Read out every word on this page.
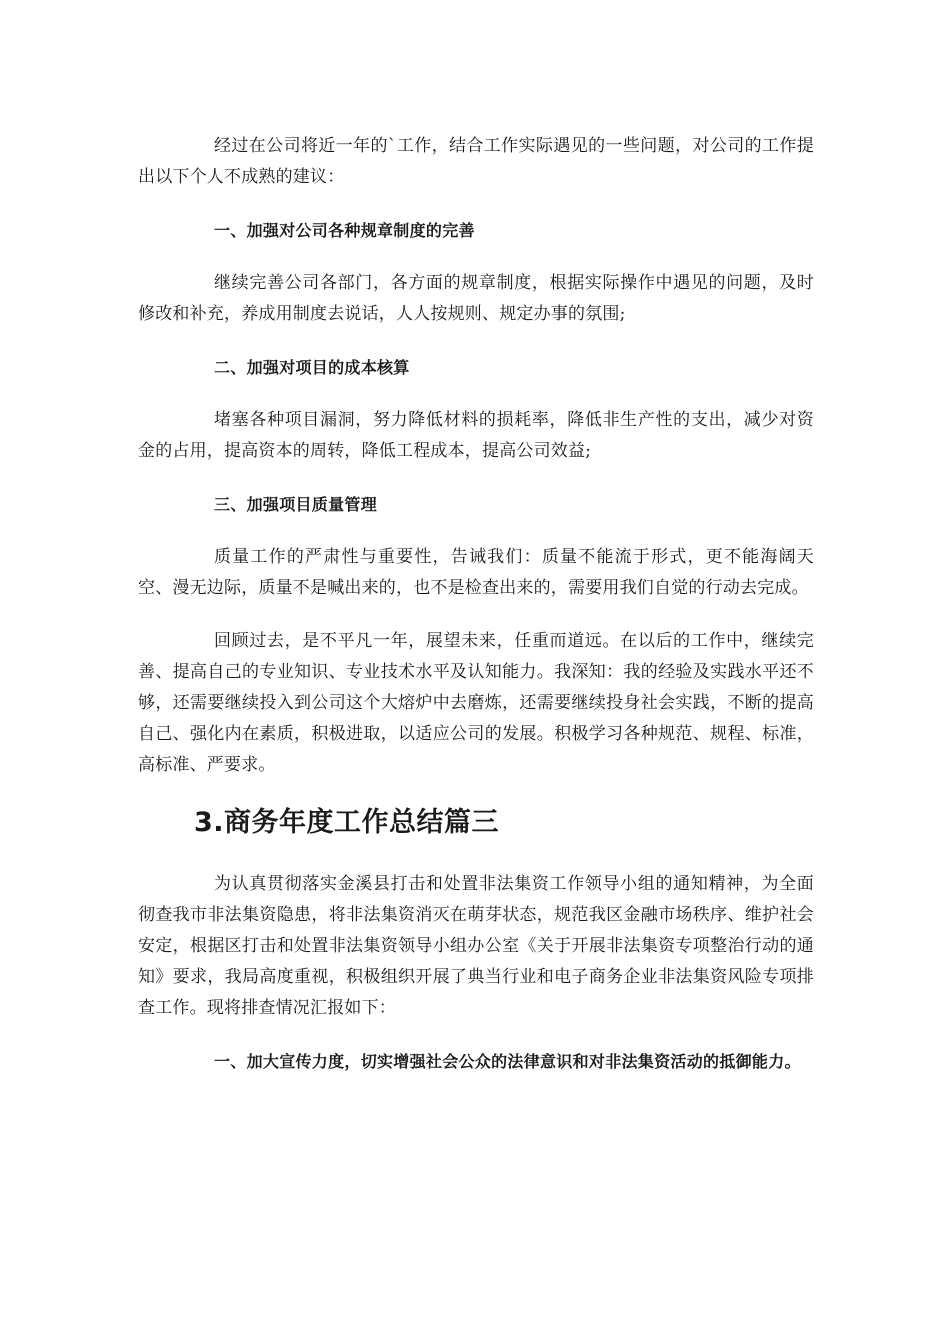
经过在公司将近一年的`工作，结合工作实际遇见的一些问题，对公司的工作提出以下个人不成熟的建议：

一、加强对公司各种规章制度的完善

继续完善公司各部门，各方面的规章制度，根据实际操作中遇见的问题，及时修改和补充，养成用制度去说话，人人按规则、规定办事的氛围;

二、加强对项目的成本核算

堵塞各种项目漏洞，努力降低材料的损耗率，降低非生产性的支出，减少对资金的占用，提高资本的周转，降低工程成本，提高公司效益;

三、加强项目质量管理

质量工作的严肃性与重要性，告诫我们：质量不能流于形式，更不能海阔天空、漫无边际，质量不是喊出来的，也不是检查出来的，需要用我们自觉的行动去完成。

回顾过去，是不平凡一年，展望未来，任重而道远。在以后的工作中，继续完善、提高自己的专业知识、专业技术水平及认知能力。我深知：我的经验及实践水平还不够，还需要继续投入到公司这个大熔炉中去磨炼，还需要继续投身社会实践，不断的提高自己、强化内在素质，积极进取，以适应公司的发展。积极学习各种规范、规程、标准，高标准、严要求。

3.商务年度工作总结篇三

为认真贯彻落实金溪县打击和处置非法集资工作领导小组的通知精神，为全面彻查我市非法集资隐患，将非法集资消灭在萌芽状态，规范我区金融市场秩序、维护社会安定，根据区打击和处置非法集资领导小组办公室《关于开展非法集资专项整治行动的通知》要求，我局高度重视，积极组织开展了典当行业和电子商务企业非法集资风险专项排查工作。现将排查情况汇报如下：

一、加大宣传力度，切实增强社会公众的法律意识和对非法集资活动的抵御能力。
